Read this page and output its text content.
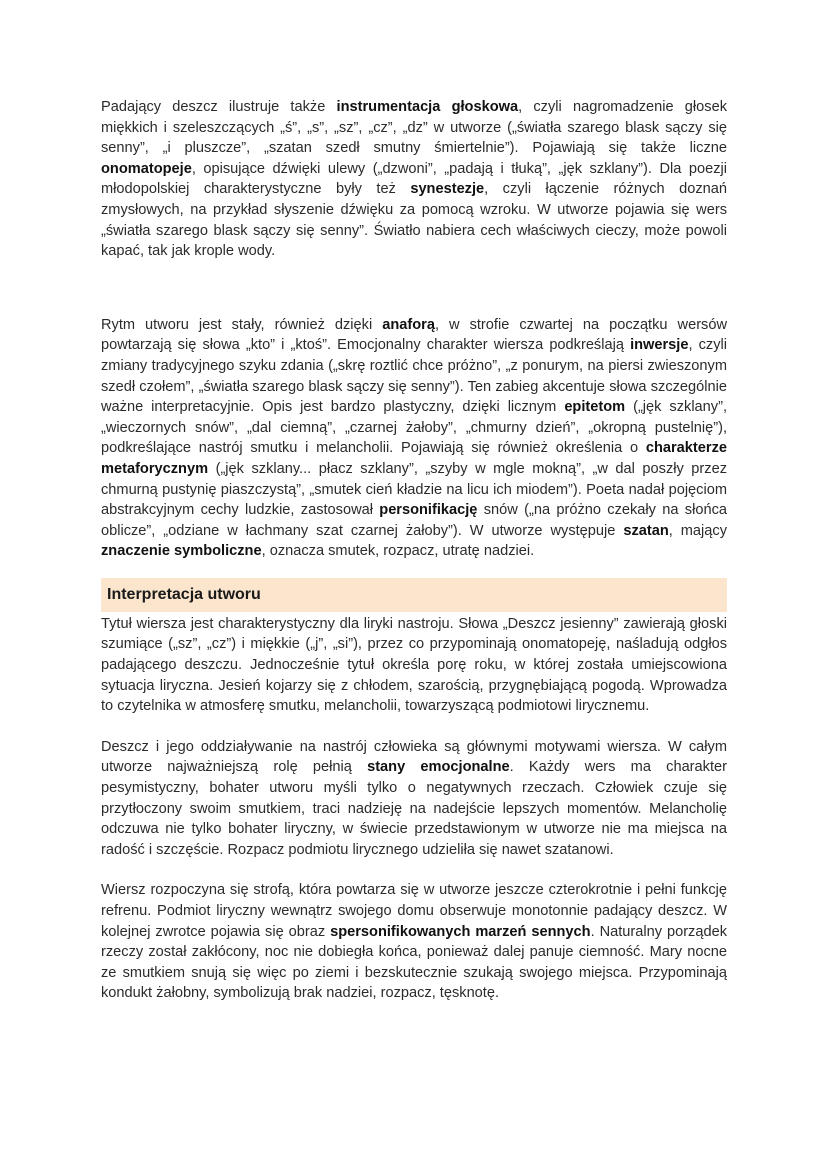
Padający deszcz ilustruje także instrumentacja głoskowa, czyli nagromadzenie głosek miękkich i szeleszczących „ś”, „s”, „sz”, „cz”, „dz” w utworze („światła szarego blask sączy się senny”, „i pluszcze”, „szatan szedł smutny śmiertelnie”). Pojawiają się także liczne onomatopeje, opisujące dźwięki ulewy („dzwoni”, „padają i tłuką”, „jęk szklany”). Dla poezji młodopolskiej charakterystyczne były też synestezje, czyli łączenie różnych doznań zmysłowych, na przykład słyszenie dźwięku za pomocą wzroku. W utworze pojawia się wers „światła szarego blask sączy się senny”. Światło nabiera cech właściwych cieczy, może powoli kapać, tak jak krople wody.

Rytm utworu jest stały, również dzięki anaforą, w strofie czwartej na początku wersów powtarzają się słowa „kto” i „ktoś”. Emocjonalny charakter wiersza podkreślają inwersje, czyli zmiany tradycyjnego szyku zdania („skrę roztlić chce próżno”, „z ponurym, na piersi zwieszonym szedł czołem”, „światła szarego blask sączy się senny”). Ten zabieg akcentuje słowa szczególnie ważne interpretacyjnie. Opis jest bardzo plastyczny, dzięki licznym epitetom („jęk szklany”, „wieczornych snów”, „dal ciemną”, „czarnej żałoby”, „chmurny dzień”, „okropną pustelnię”), podkreślające nastrój smutku i melancholii. Pojawiają się również określenia o charakterze metaforycznym („jęk szklany... płacz szklany”, „szyby w mgle mokną”, „w dal poszły przez chmurną pustynię piaszczystą”, „smutek cień kładzie na licu ich miodem”). Poeta nadał pojęciom abstrakcyjnym cechy ludzkie, zastosował personifikację snów („na próżno czekały na słońca oblicze”, „odziane w łachmany szat czarnej żałoby”). W utworze występuje szatan, mający znaczenie symboliczne, oznacza smutek, rozpacz, utratę nadziei.

Interpretacja utworu

Tytuł wiersza jest charakterystyczny dla liryki nastroju. Słowa „Deszcz jesienny” zawierają głoski szumiące („sz”, „cz”) i miękkie („j”, „si”), przez co przypominają onomatopeję, naśladują odgłos padającego deszczu. Jednocześnie tytuł określa porę roku, w której została umiejscowiona sytuacja liryczna. Jesień kojarzy się z chłodem, szarością, przygnębiającą pogodą. Wprowadza to czytelnika w atmosferę smutku, melancholii, towarzyszącą podmiotowi lirycznemu.

Deszcz i jego oddziaływanie na nastrój człowieka są głównymi motywami wiersza. W całym utworze najważniejszą rolę pełnią stany emocjonalne. Każdy wers ma charakter pesymistyczny, bohater utworu myśli tylko o negatywnych rzeczach. Człowiek czuje się przytłoczony swoim smutkiem, traci nadzieję na nadejście lepszych momentów. Melancholię odczuwa nie tylko bohater liryczny, w świecie przedstawionym w utworze nie ma miejsca na radość i szczęście. Rozpacz podmiotu lirycznego udzieliła się nawet szatanowi.

Wiersz rozpoczyna się strofą, która powtarza się w utworze jeszcze czterokrotnie i pełni funkcję refrenu. Podmiot liryczny wewnątrz swojego domu obserwuje monotonnie padający deszcz. W kolejnej zwrotce pojawia się obraz spersonifikowanych marzeń sennych. Naturalny porządek rzeczy został zakłócony, noc nie dobiegła końca, ponieważ dalej panuje ciemność. Mary nocne ze smutkiem snują się więc po ziemi i bezskutecznie szukają swojego miejsca. Przypominają kondukt żałobny, symbolizują brak nadziei, rozpacz, tęsknotę.
